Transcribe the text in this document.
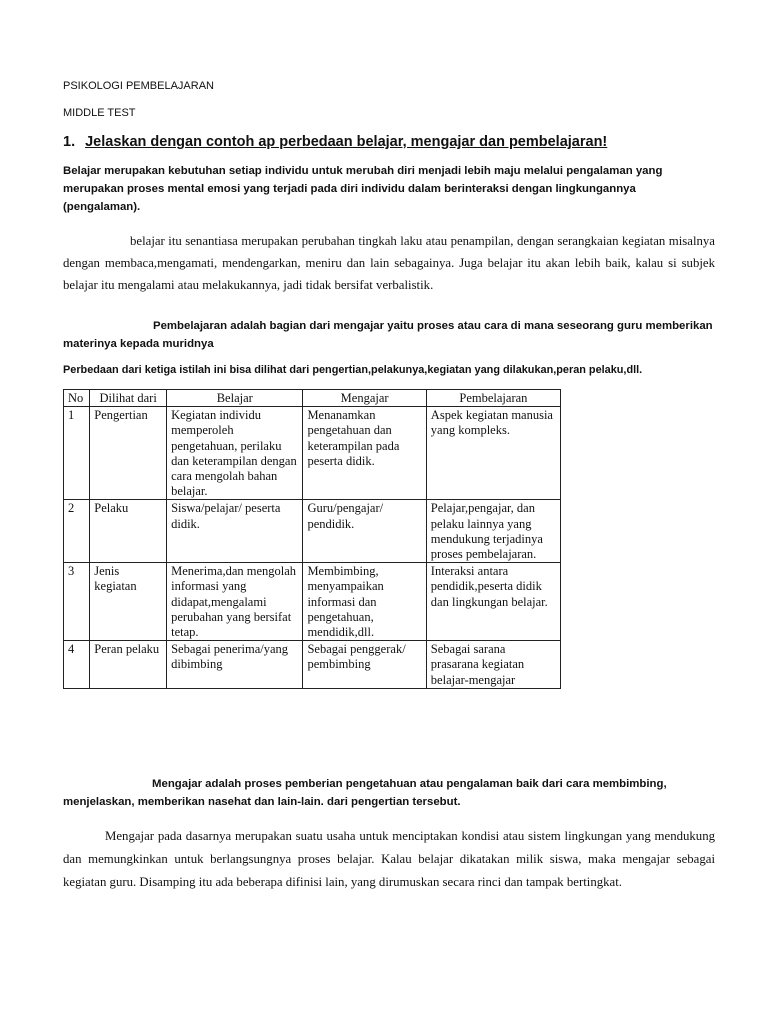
PSIKOLOGI PEMBELAJARAN
MIDDLE TEST
1. Jelaskan dengan contoh ap perbedaan belajar, mengajar dan pembelajaran!
Belajar merupakan kebutuhan setiap individu untuk merubah diri menjadi lebih maju melalui pengalaman yang merupakan proses mental emosi yang terjadi pada diri individu dalam berinteraksi dengan lingkungannya (pengalaman).
belajar itu senantiasa merupakan perubahan tingkah laku atau penampilan, dengan serangkaian kegiatan misalnya dengan membaca,mengamati, mendengarkan, meniru dan lain sebagainya. Juga belajar itu akan lebih baik, kalau si subjek belajar itu mengalami atau melakukannya, jadi tidak bersifat verbalistik.
Pembelajaran adalah bagian dari mengajar yaitu proses atau cara di mana seseorang guru memberikan materinya kepada muridnya
Perbedaan dari ketiga istilah ini bisa dilihat dari pengertian,pelakunya,kegiatan yang dilakukan,peran pelaku,dll.
No	Dilihat dari	Belajar	Mengajar	Pembelajaran
1	Pengertian	Kegiatan individu memperoleh pengetahuan, perilaku dan keterampilan dengan cara mengolah bahan belajar.	Menanamkan pengetahuan dan keterampilan pada peserta didik.	Aspek kegiatan manusia yang kompleks.
2	Pelaku	Siswa/pelajar/ peserta didik.	Guru/pengajar/ pendidik.	Pelajar,pengajar, dan pelaku lainnya yang mendukung terjadinya proses pembelajaran.
3	Jenis kegiatan	Menerima,dan mengolah informasi yang didapat,mengalami perubahan yang bersifat tetap.	Membimbing, menyampaikan informasi dan pengetahuan, mendidik,dll.	Interaksi antara pendidik,peserta didik dan lingkungan belajar.
4	Peran pelaku	Sebagai penerima/yang dibimbing	Sebagai penggerak/ pembimbing	Sebagai sarana prasarana kegiatan belajar-mengajar
Mengajar adalah proses pemberian pengetahuan atau pengalaman baik dari cara membimbing, menjelaskan, memberikan nasehat dan lain-lain. dari pengertian tersebut.
Mengajar pada dasarnya merupakan suatu usaha untuk menciptakan kondisi atau sistem lingkungan yang mendukung dan memungkinkan untuk berlangsungnya proses belajar. Kalau belajar dikatakan milik siswa, maka mengajar sebagai kegiatan guru. Disamping itu ada beberapa difinisi lain, yang dirumuskan secara rinci dan tampak bertingkat.
